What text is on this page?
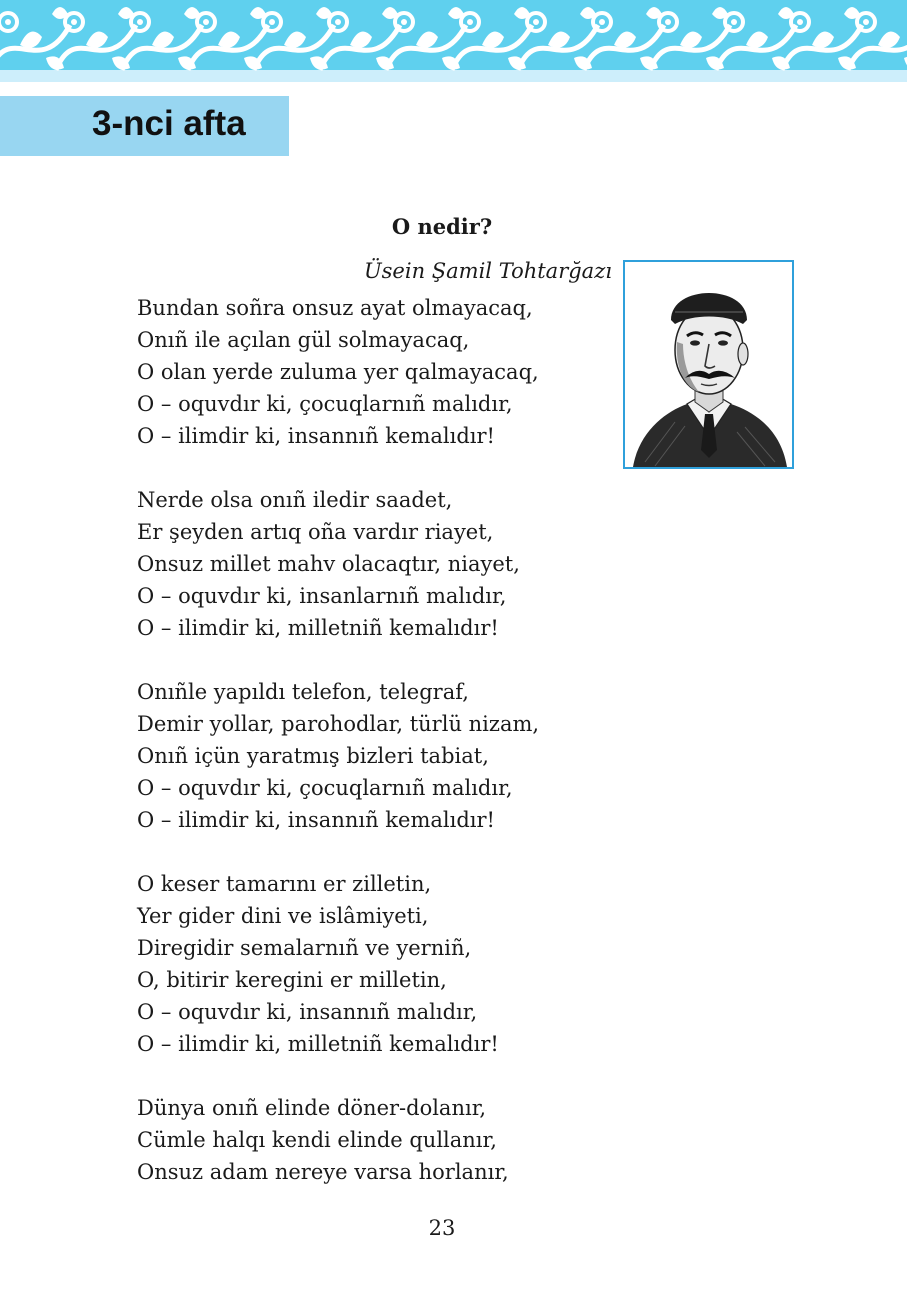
3-nci afta
O nedir?
Üsein Şamil Tohtarğazı
Bundan soñra onsuz ayat olmayacaq,
Onıñ ile açılan gül solmayacaq,
O olan yerde zuluma yer qalmayacaq,
O – oquvdır ki, çocuqlarnıñ malıdır,
O – ilimdir ki, insannıñ kemalıdır!
Nerde olsa onıñ iledir saadet,
Er şeyden artıq oña vardır riayet,
Onsuz millet mahv olacaqtır, niayet,
O – oquvdır ki, insanlarnıñ malıdır,
O – ilimdir ki, milletniñ kemalıdır!
Onıñle yapıldı telefon, telegraf,
Demir yollar, parohodlar, türlü nizam,
Onıñ içün yaratmış bizleri tabiat,
O – oquvdır ki, çocuqlarnıñ malıdır,
O – ilimdir ki, insannıñ kemalıdır!
O keser tamarını er zilletin,
Yer gider dini ve islâmiyeti,
Diregidir semalarnıñ ve yerniñ,
O, bitirir keregini er milletin,
O – oquvdır ki, insannıñ malıdır,
O – ilimdir ki, milletniñ kemalıdır!
Dünya onıñ elinde döner-dolanır,
Cümle halqı kendi elinde qullanır,
Onsuz adam nereye varsa horlanır,
23
